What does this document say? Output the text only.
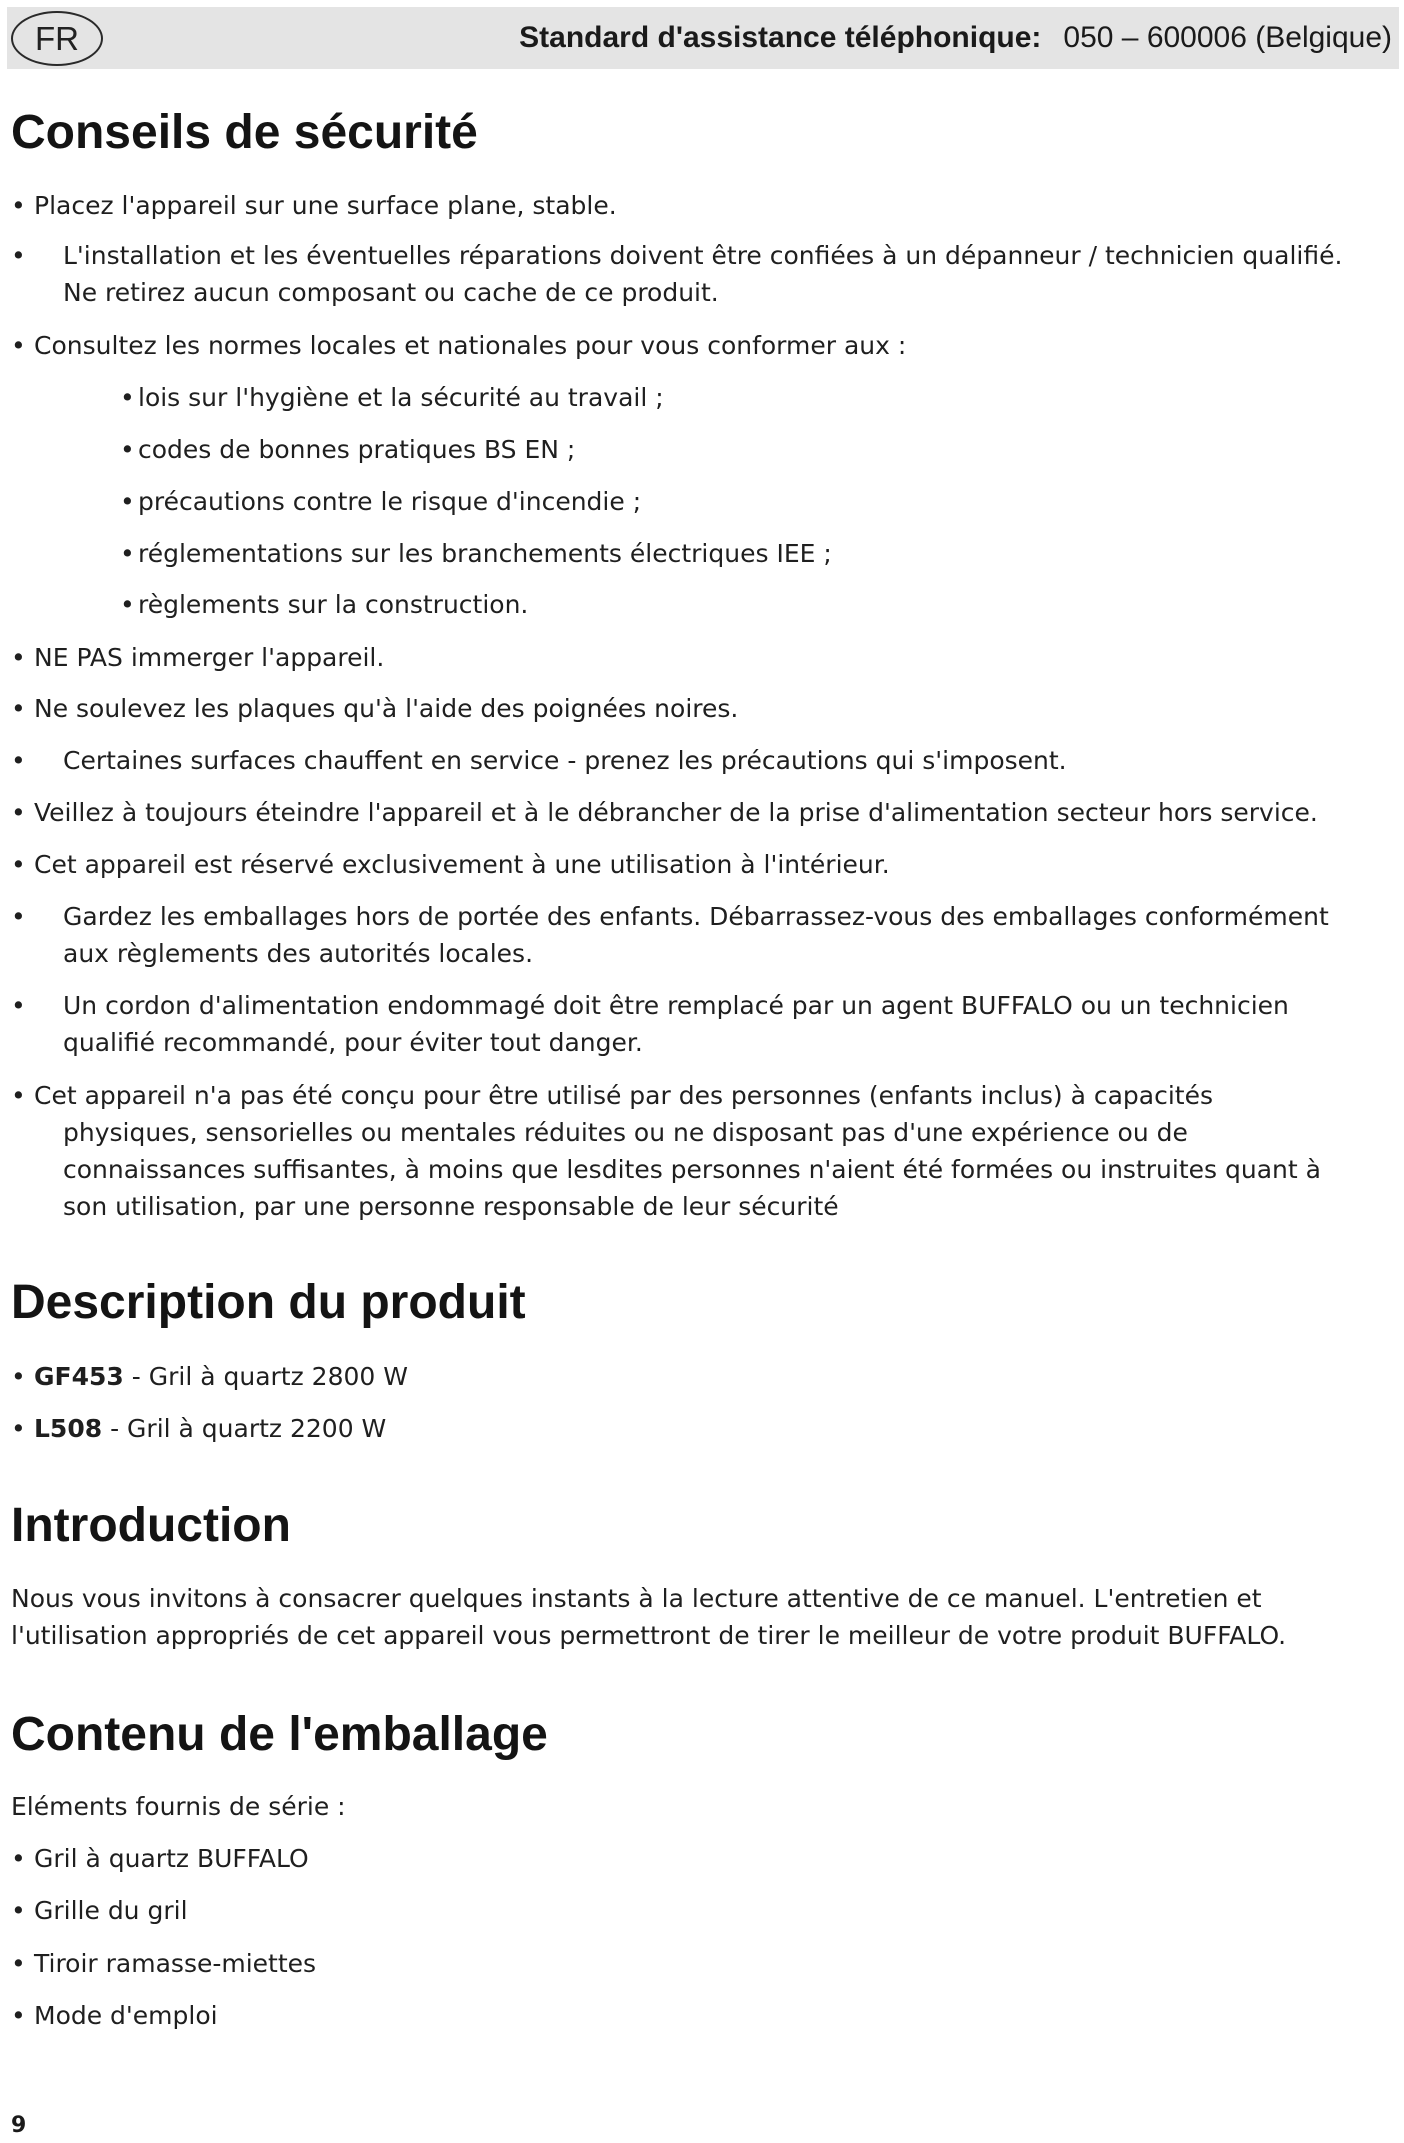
FR	Standard d'assistance téléphonique: 050 – 600006 (Belgique)
Conseils de sécurité
• Placez l'appareil sur une surface plane, stable.
• L'installation et les éventuelles réparations doivent être confiées à un dépanneur / technicien qualifié.
Ne retirez aucun composant ou cache de ce produit.
• Consultez les normes locales et nationales pour vous conformer aux :
• lois sur l'hygiène et la sécurité au travail ;
• codes de bonnes pratiques BS EN ;
• précautions contre le risque d'incendie ;
• réglementations sur les branchements électriques IEE ;
• règlements sur la construction.
• NE PAS immerger l'appareil.
• Ne soulevez les plaques qu'à l'aide des poignées noires.
• Certaines surfaces chauffent en service - prenez les précautions qui s'imposent.
• Veillez à toujours éteindre l'appareil et à le débrancher de la prise d'alimentation secteur hors service.
• Cet appareil est réservé exclusivement à une utilisation à l'intérieur.
• Gardez les emballages hors de portée des enfants. Débarrassez-vous des emballages conformément
aux règlements des autorités locales.
• Un cordon d'alimentation endommagé doit être remplacé par un agent BUFFALO ou un technicien
qualifié recommandé, pour éviter tout danger.
• Cet appareil n'a pas été conçu pour être utilisé par des personnes (enfants inclus) à capacités
physiques, sensorielles ou mentales réduites ou ne disposant pas d'une expérience ou de
connaissances suffisantes, à moins que lesdites personnes n'aient été formées ou instruites quant à
son utilisation, par une personne responsable de leur sécurité
Description du produit
• GF453 - Gril à quartz 2800 W
• L508 - Gril à quartz 2200 W
Introduction
Nous vous invitons à consacrer quelques instants à la lecture attentive de ce manuel. L'entretien et
l'utilisation appropriés de cet appareil vous permettront de tirer le meilleur de votre produit BUFFALO.
Contenu de l'emballage
Eléments fournis de série :
• Gril à quartz BUFFALO
• Grille du gril
• Tiroir ramasse-miettes
• Mode d'emploi
9
